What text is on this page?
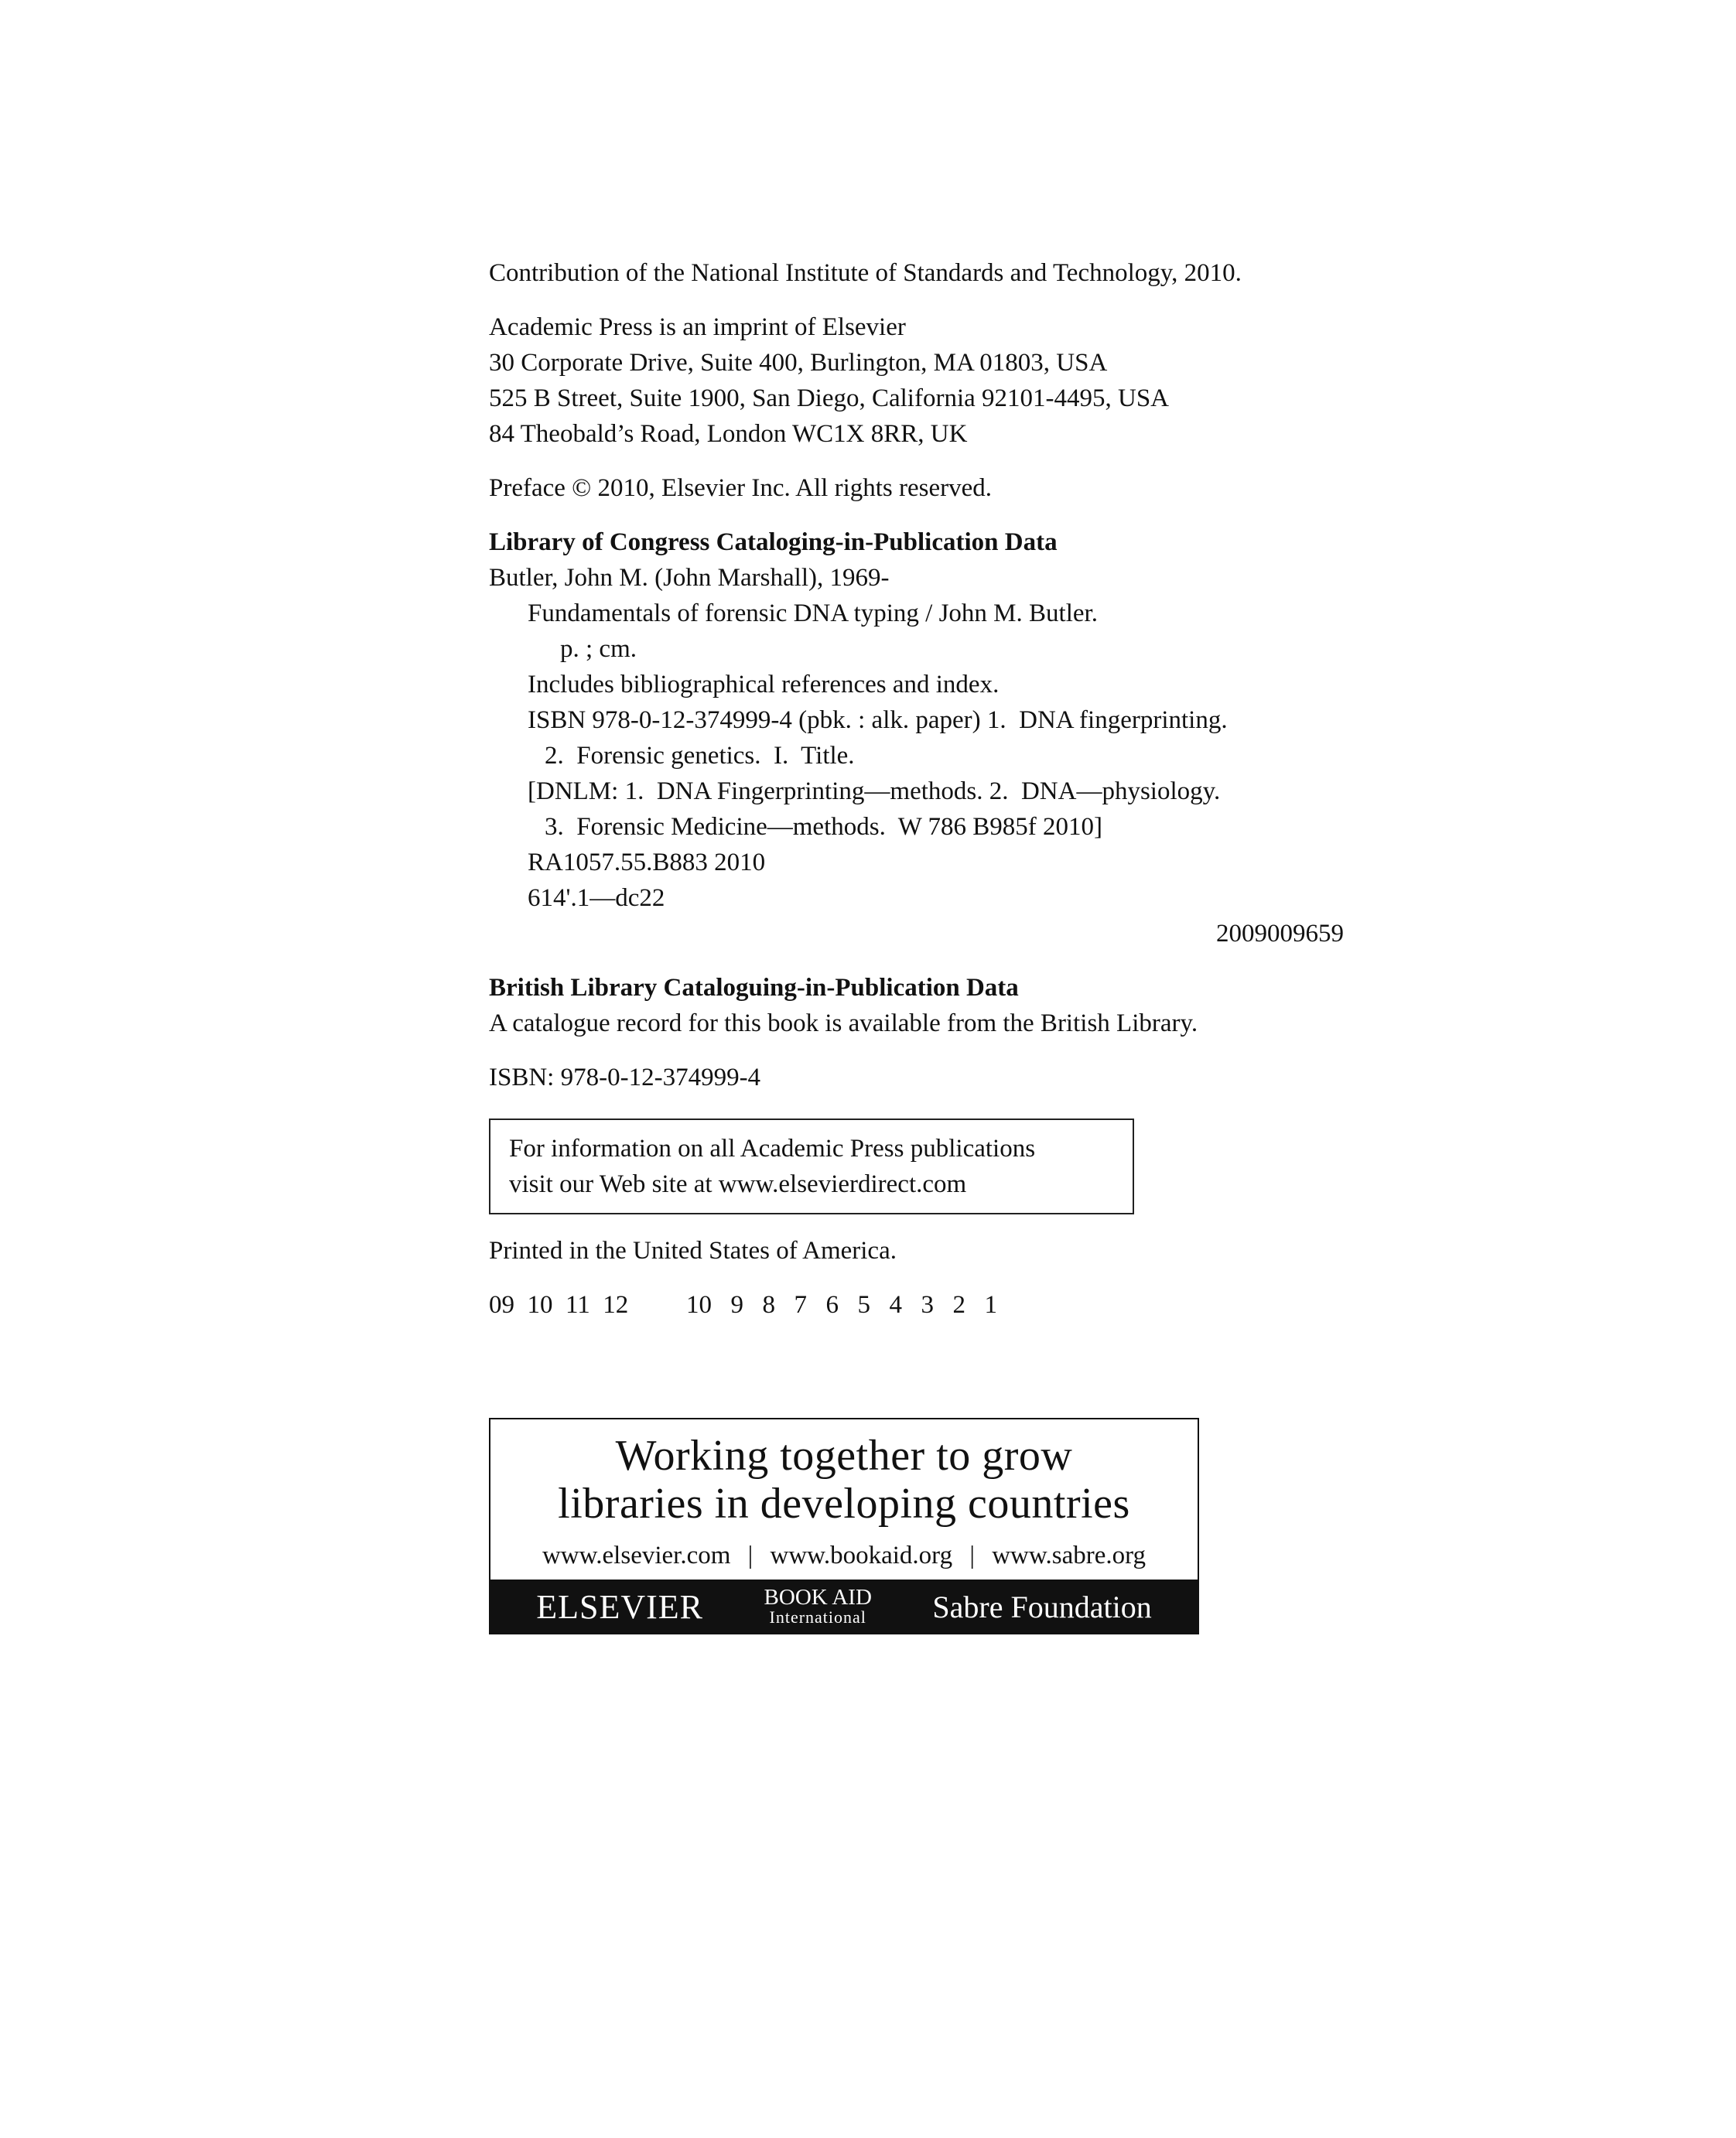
Contribution of the National Institute of Standards and Technology, 2010.

Academic Press is an imprint of Elsevier

30 Corporate Drive, Suite 400, Burlington, MA 01803, USA

525 B Street, Suite 1900, San Diego, California 92101-4495, USA

84 Theobald’s Road, London WC1X 8RR, UK

Preface © 2010, Elsevier Inc. All rights reserved.

Library of Congress Cataloging-in-Publication Data

Butler, John M. (John Marshall), 1969-

Fundamentals of forensic DNA typing / John M. Butler.

p. ; cm.

Includes bibliographical references and index.

ISBN 978-0-12-374999-4 (pbk. : alk. paper) 1.  DNA fingerprinting.

2.  Forensic genetics.  I.  Title.

[DNLM: 1.  DNA Fingerprinting—methods. 2.  DNA—physiology.

3.  Forensic Medicine—methods.  W 786 B985f 2010]

RA1057.55.B883 2010

614'.1—dc22

2009009659

British Library Cataloguing-in-Publication Data

A catalogue record for this book is available from the British Library.

ISBN: 978-0-12-374999-4

For information on all Academic Press publications

visit our Web site at www.elsevierdirect.com

Printed in the United States of America.

09  10  11  12	10  9  8  7  6  5  4  3  2  1
Working together to grow
libraries in developing countries
www.elsevier.com | www.bookaid.org | www.sabre.org
ELSEVIER	BOOK AID
International Sabre Foundation
